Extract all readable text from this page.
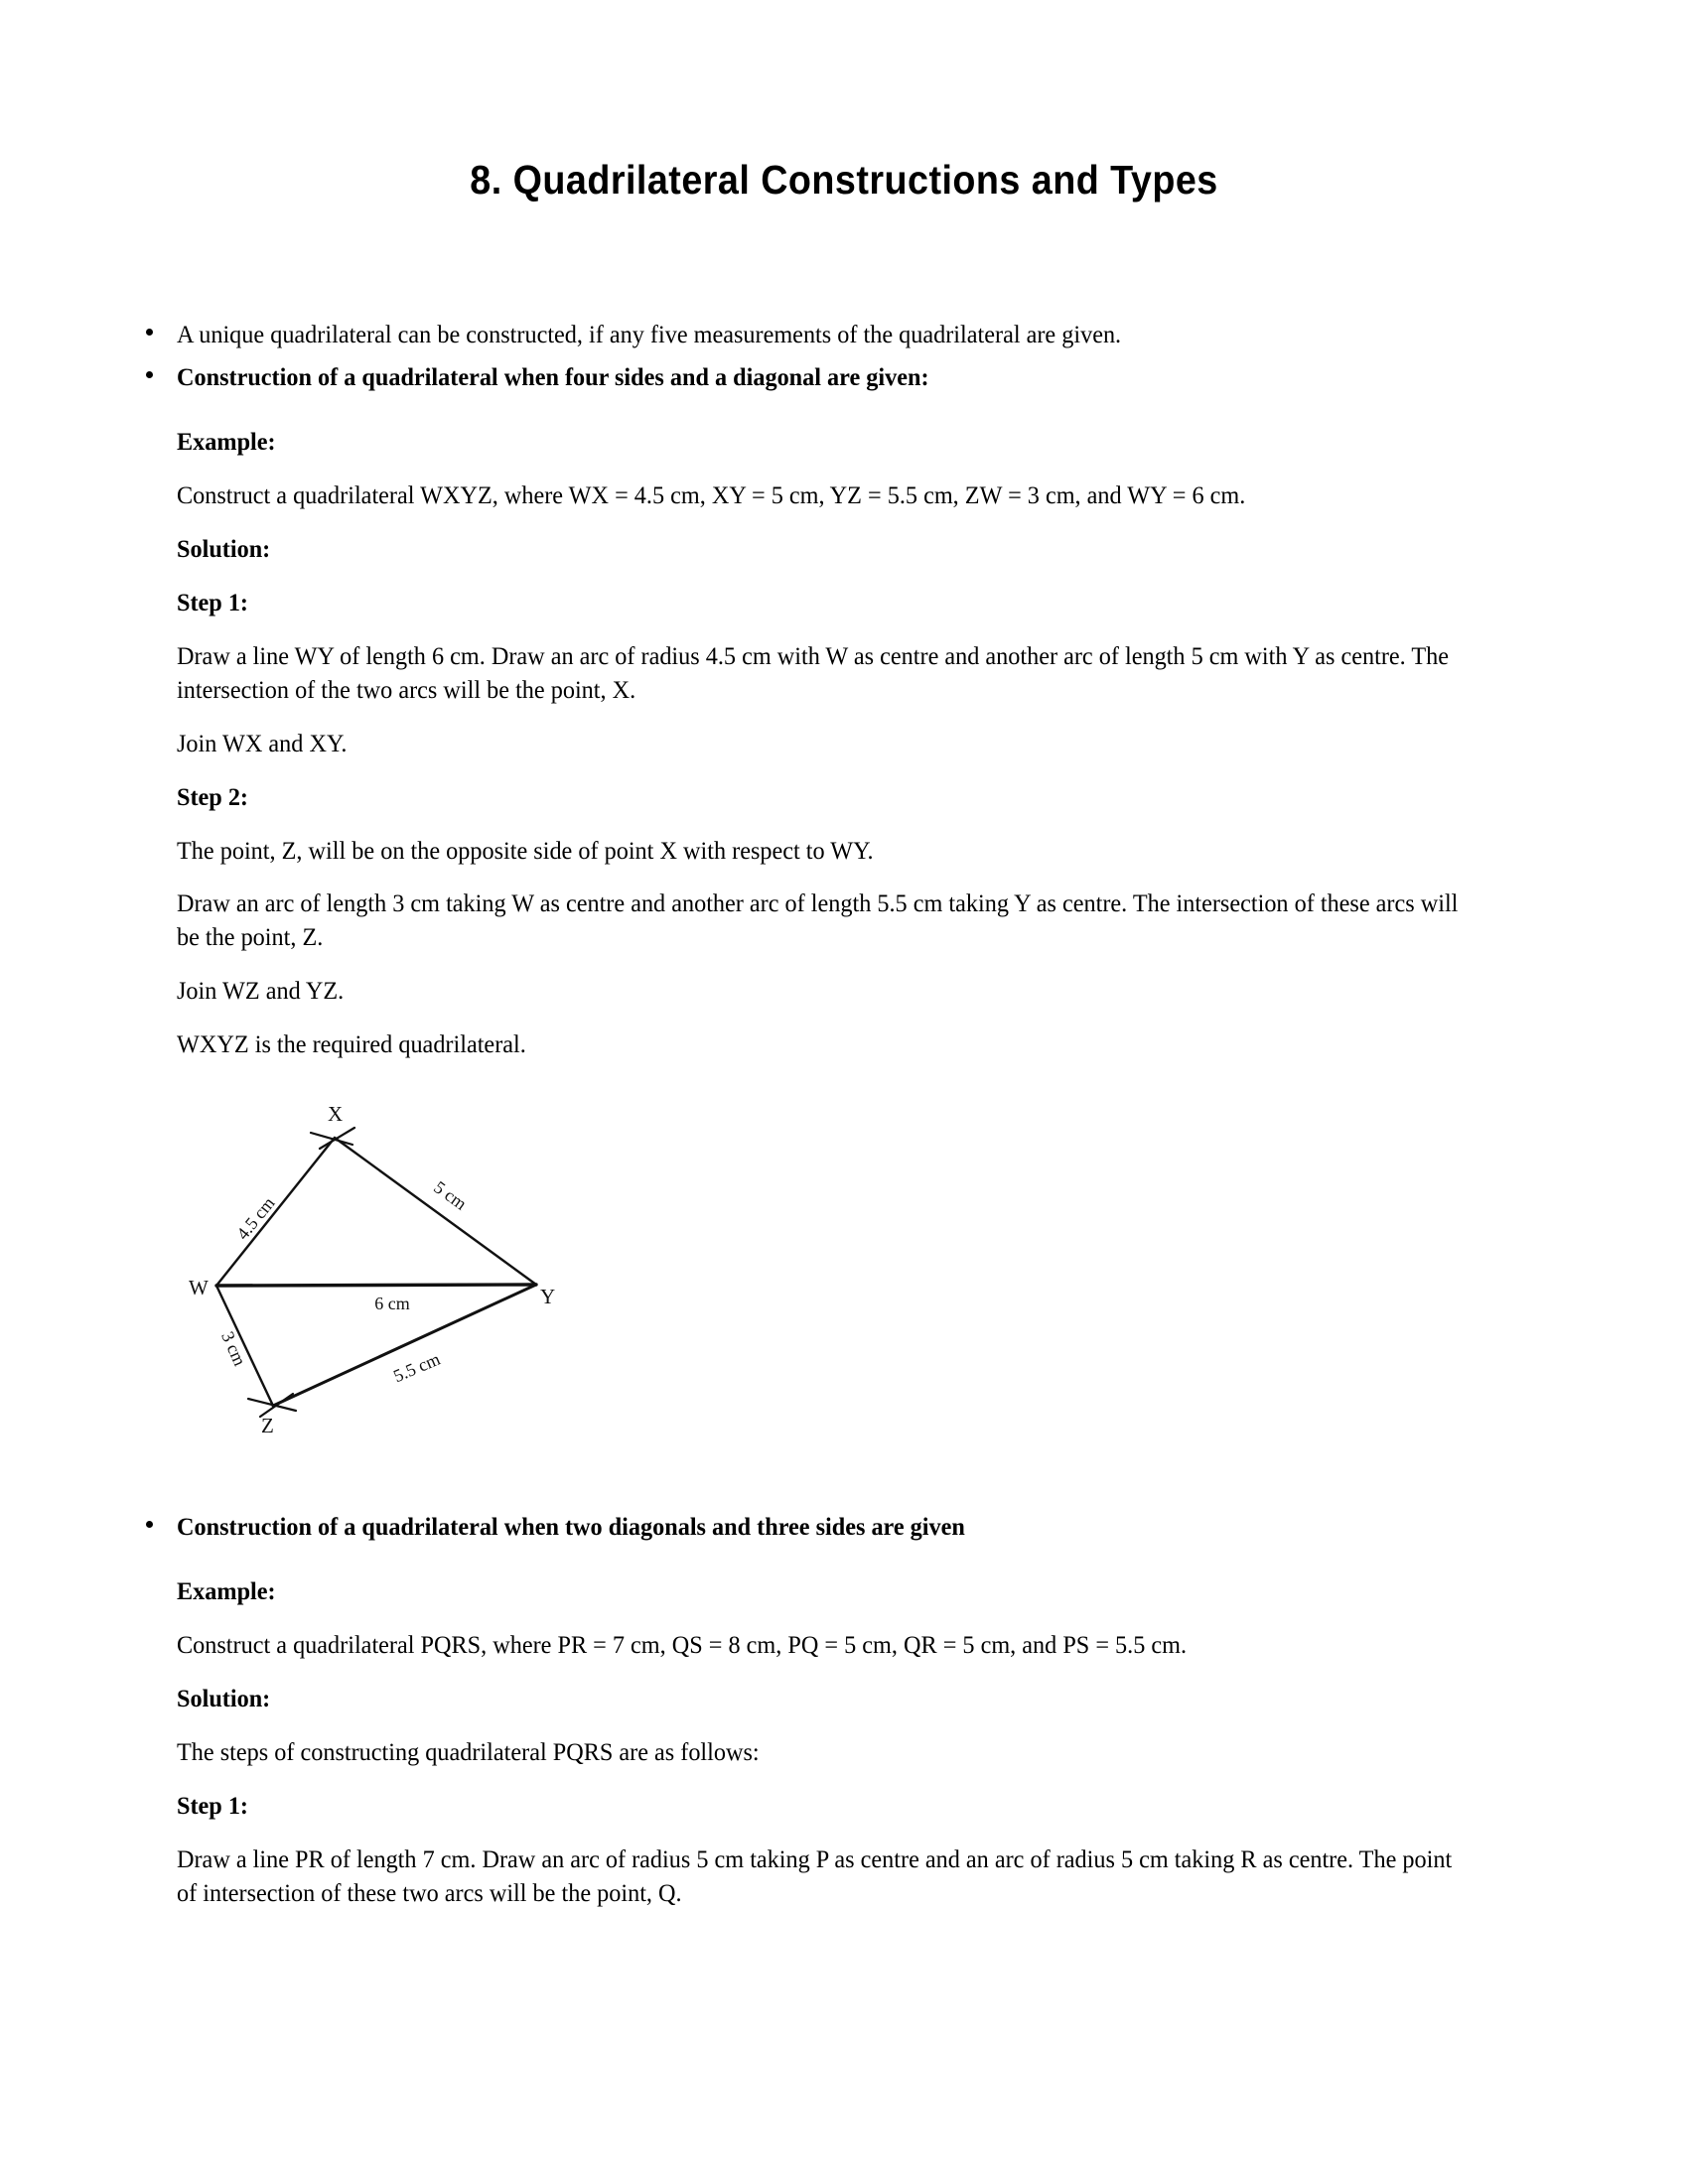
8. Quadrilateral Constructions and Types
A unique quadrilateral can be constructed, if any five measurements of the quadrilateral are given.
Construction of a quadrilateral when four sides and a diagonal are given:
Example:
Construct a quadrilateral WXYZ, where WX = 4.5 cm, XY = 5 cm, YZ = 5.5 cm, ZW = 3 cm, and WY = 6 cm.
Solution:
Step 1:
Draw a line WY of length 6 cm. Draw an arc of radius 4.5 cm with W as centre and another arc of length 5 cm with Y as centre. The intersection of the two arcs will be the point, X.
Join WX and XY.
Step 2:
The point, Z, will be on the opposite side of point X with respect to WY.
Draw an arc of length 3 cm taking W as centre and another arc of length 5.5 cm taking Y as centre. The intersection of these arcs will be the point, Z.
Join WZ and YZ.
WXYZ is the required quadrilateral.
W
X
Y
Z
4.5 cm	5 cm
6 cm
3 cm	5.5 cm
Construction of a quadrilateral when two diagonals and three sides are given
Example:
Construct a quadrilateral PQRS, where PR = 7 cm, QS = 8 cm, PQ = 5 cm, QR = 5 cm, and PS = 5.5 cm.
Solution:
The steps of constructing quadrilateral PQRS are as follows:
Step 1:
Draw a line PR of length 7 cm. Draw an arc of radius 5 cm taking P as centre and an arc of radius 5 cm taking R as centre. The point of intersection of these two arcs will be the point, Q.
